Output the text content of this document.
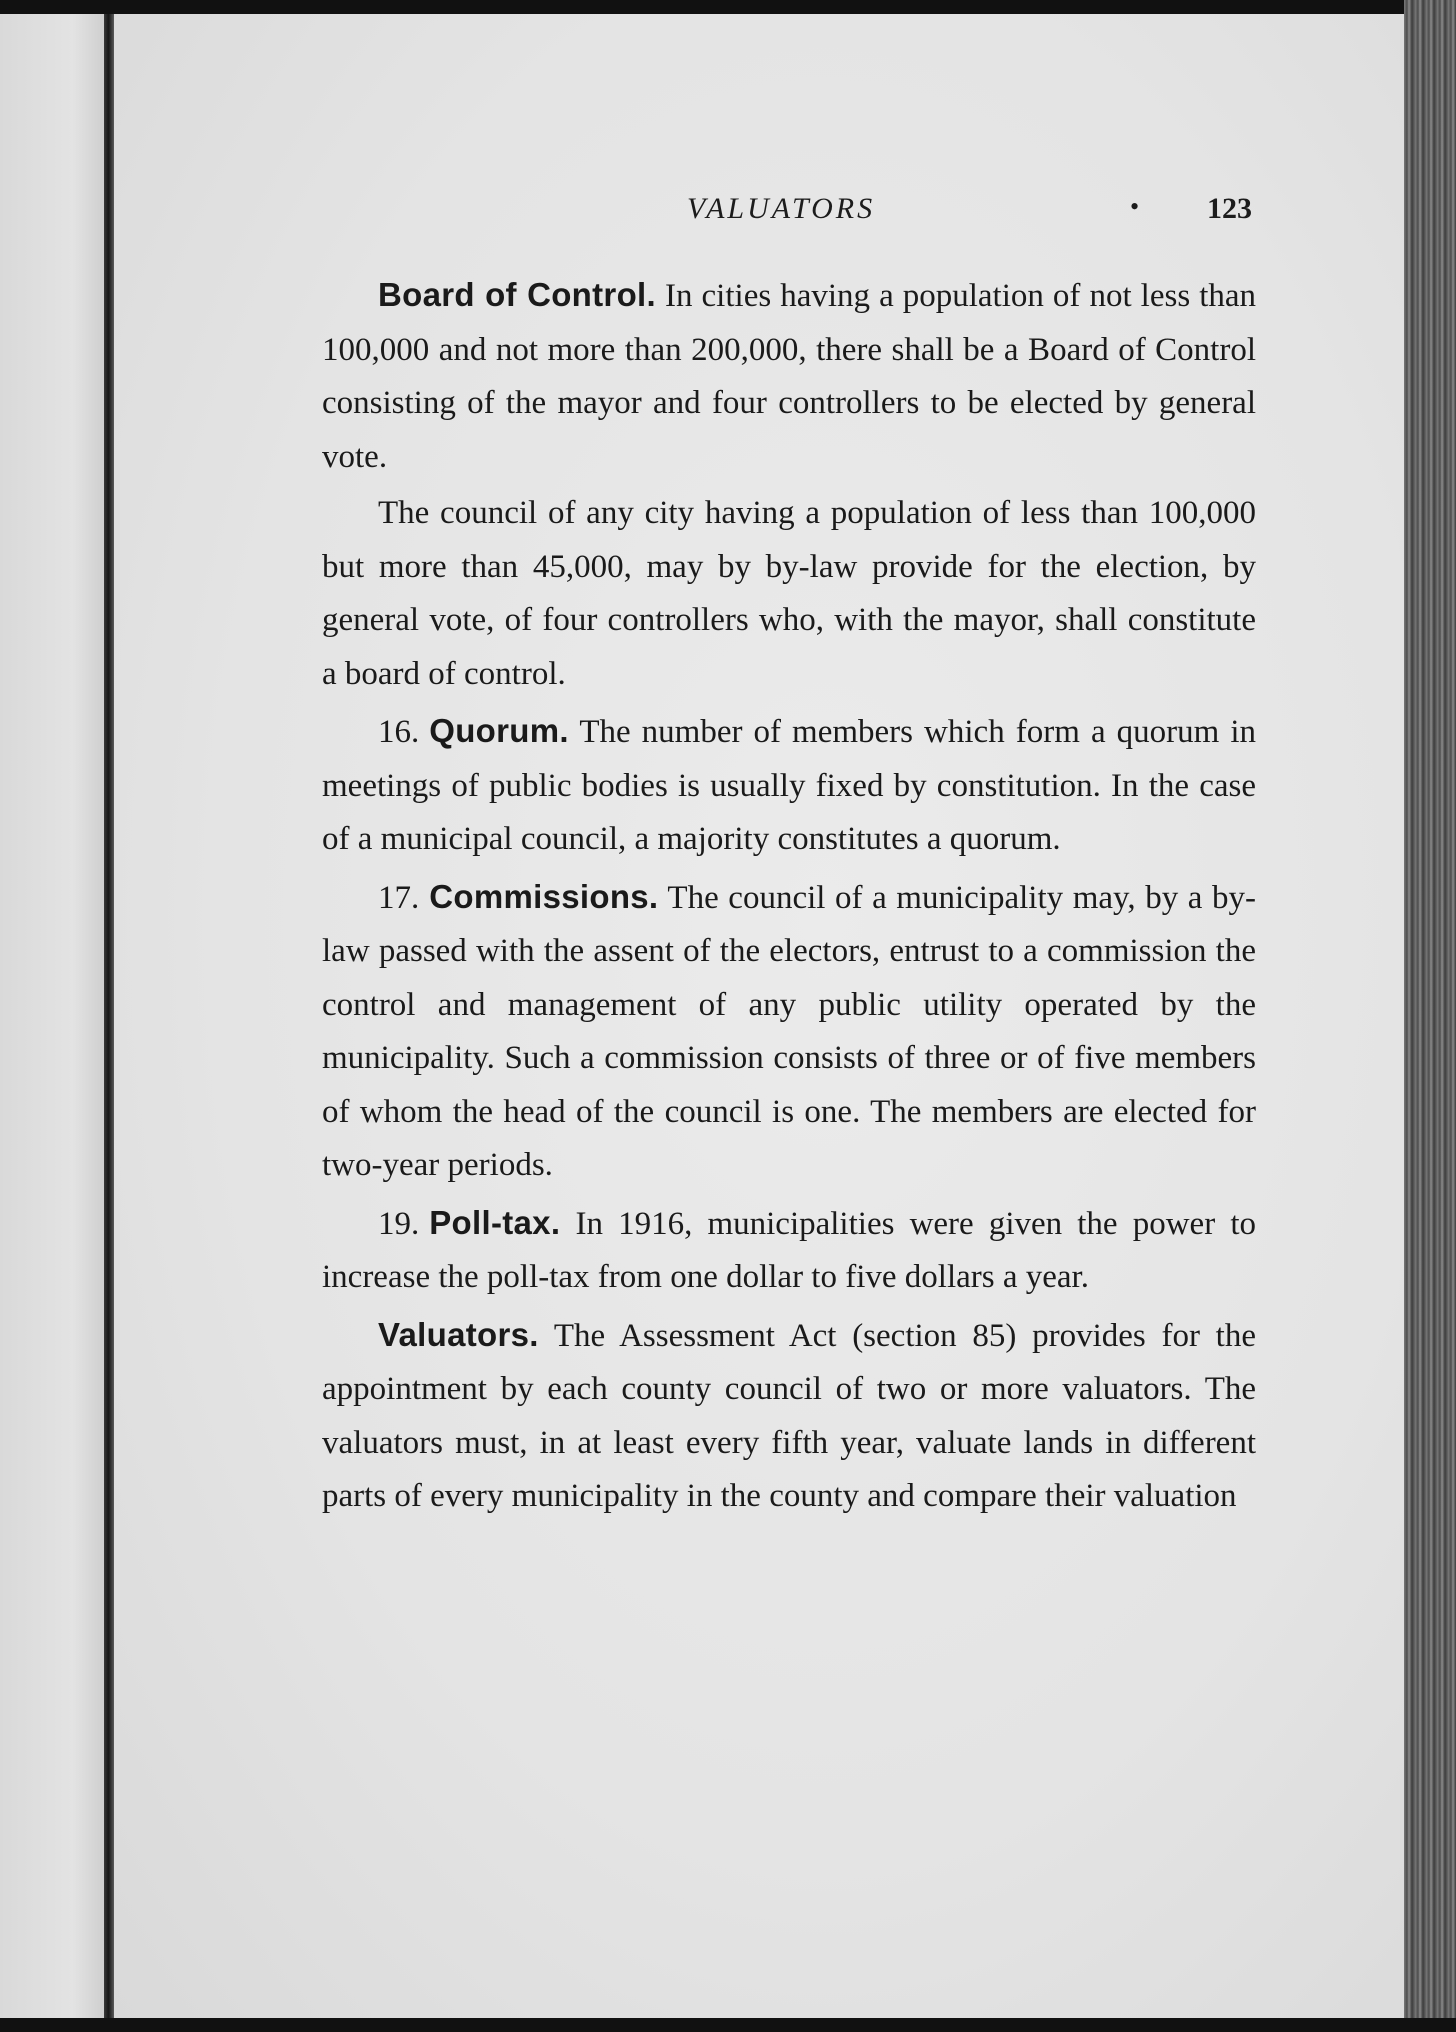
VALUATORS	• 123

Board of Control. In cities having a population of not less than 100,000 and not more than 200,000, there shall be a Board of Control consisting of the mayor and four controllers to be elected by general vote.

The council of any city having a population of less than 100,000 but more than 45,000, may by by-law provide for the election, by general vote, of four controllers who, with the mayor, shall constitute a board of control.

16. Quorum. The number of members which form a quorum in meetings of public bodies is usually fixed by constitution. In the case of a municipal council, a majority constitutes a quorum.

17. Commissions. The council of a municipality may, by a by-law passed with the assent of the electors, entrust to a commission the control and management of any public utility operated by the municipality. Such a commission consists of three or of five members of whom the head of the council is one. The members are elected for two-year periods.

19. Poll-tax. In 1916, municipalities were given the power to increase the poll-tax from one dollar to five dollars a year.

Valuators. The Assessment Act (section 85) provides for the appointment by each county council of two or more valuators. The valuators must, in at least every fifth year, valuate lands in different parts of every municipality in the county and compare their valuation
